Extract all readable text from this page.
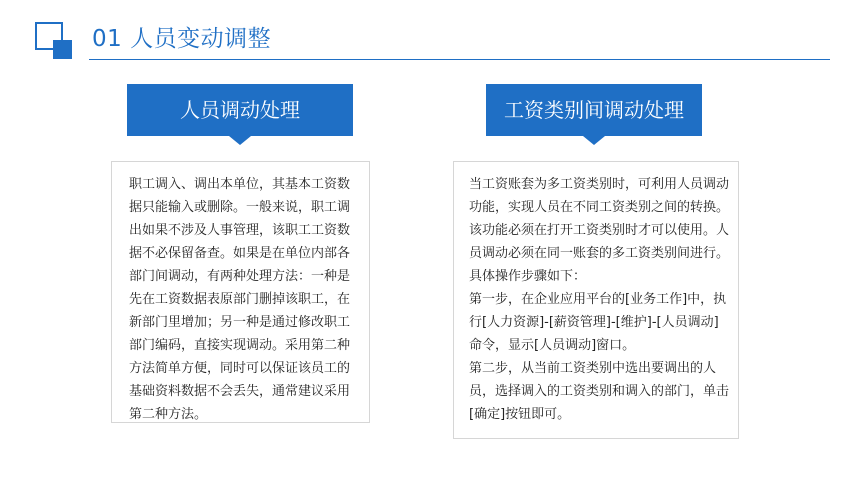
01 人员变动调整
人员调动处理

职工调入、调出本单位，其基本工资数据只能输入或删除。一般来说，职工调出如果不涉及人事管理，该职工工资数据不必保留备查。如果是在单位内部各部门间调动，有两种处理方法：一种是先在工资数据表原部门删掉该职工，在新部门里增加；另一种是通过修改职工部门编码，直接实现调动。采用第二种方法简单方便，同时可以保证该员工的基础资料数据不会丢失，通常建议采用第二种方法。

工资类别间调动处理

当工资账套为多工资类别时，可利用人员调动功能，实现人员在不同工资类别之间的转换。该功能必须在打开工资类别时才可以使用。人员调动必须在同一账套的多工资类别间进行。具体操作步骤如下：

第一步，在企业应用平台的[业务工作]中，执行[人力资源]-[薪资管理]-[维护]-[人员调动]命令，显示[人员调动]窗口。

第二步，从当前工资类别中选出要调出的人员，选择调入的工资类别和调入的部门，单击[确定]按钮即可。
